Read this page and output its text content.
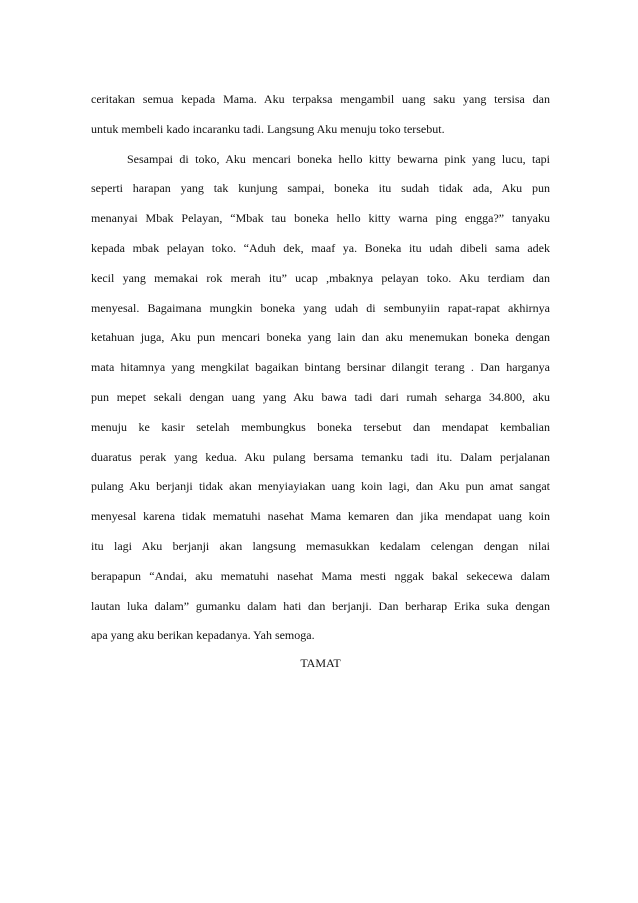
ceritakan semua kepada Mama. Aku terpaksa mengambil uang saku yang tersisa dan
untuk membeli kado incaranku tadi. Langsung Aku menuju toko tersebut.
Sesampai di toko, Aku mencari boneka hello kitty bewarna pink yang lucu, tapi
seperti harapan yang tak kunjung sampai, boneka itu sudah tidak ada, Aku pun
menanyai Mbak Pelayan, “Mbak tau boneka hello kitty warna ping engga?” tanyaku
kepada mbak pelayan toko. “Aduh dek, maaf ya. Boneka itu udah dibeli sama adek
kecil yang memakai rok merah itu” ucap ,mbaknya pelayan toko. Aku terdiam dan
menyesal. Bagaimana mungkin boneka yang udah di sembunyiin rapat-rapat akhirnya
ketahuan juga, Aku pun mencari boneka yang lain dan aku menemukan boneka dengan
mata hitamnya yang mengkilat bagaikan bintang bersinar dilangit terang . Dan harganya
pun mepet sekali dengan uang yang Aku bawa tadi dari rumah seharga 34.800, aku
menuju ke kasir setelah membungkus boneka tersebut dan mendapat kembalian
duaratus perak yang kedua. Aku pulang bersama temanku tadi itu. Dalam perjalanan
pulang Aku berjanji tidak akan menyiayiakan uang koin lagi, dan Aku pun amat sangat
menyesal karena tidak mematuhi nasehat Mama kemaren dan jika mendapat uang koin
itu lagi Aku berjanji akan langsung memasukkan kedalam celengan dengan nilai
berapapun “Andai, aku mematuhi nasehat Mama mesti nggak bakal sekecewa dalam
lautan luka dalam” gumanku dalam hati dan berjanji. Dan berharap Erika suka dengan
apa yang aku berikan kepadanya. Yah semoga.
TAMAT
